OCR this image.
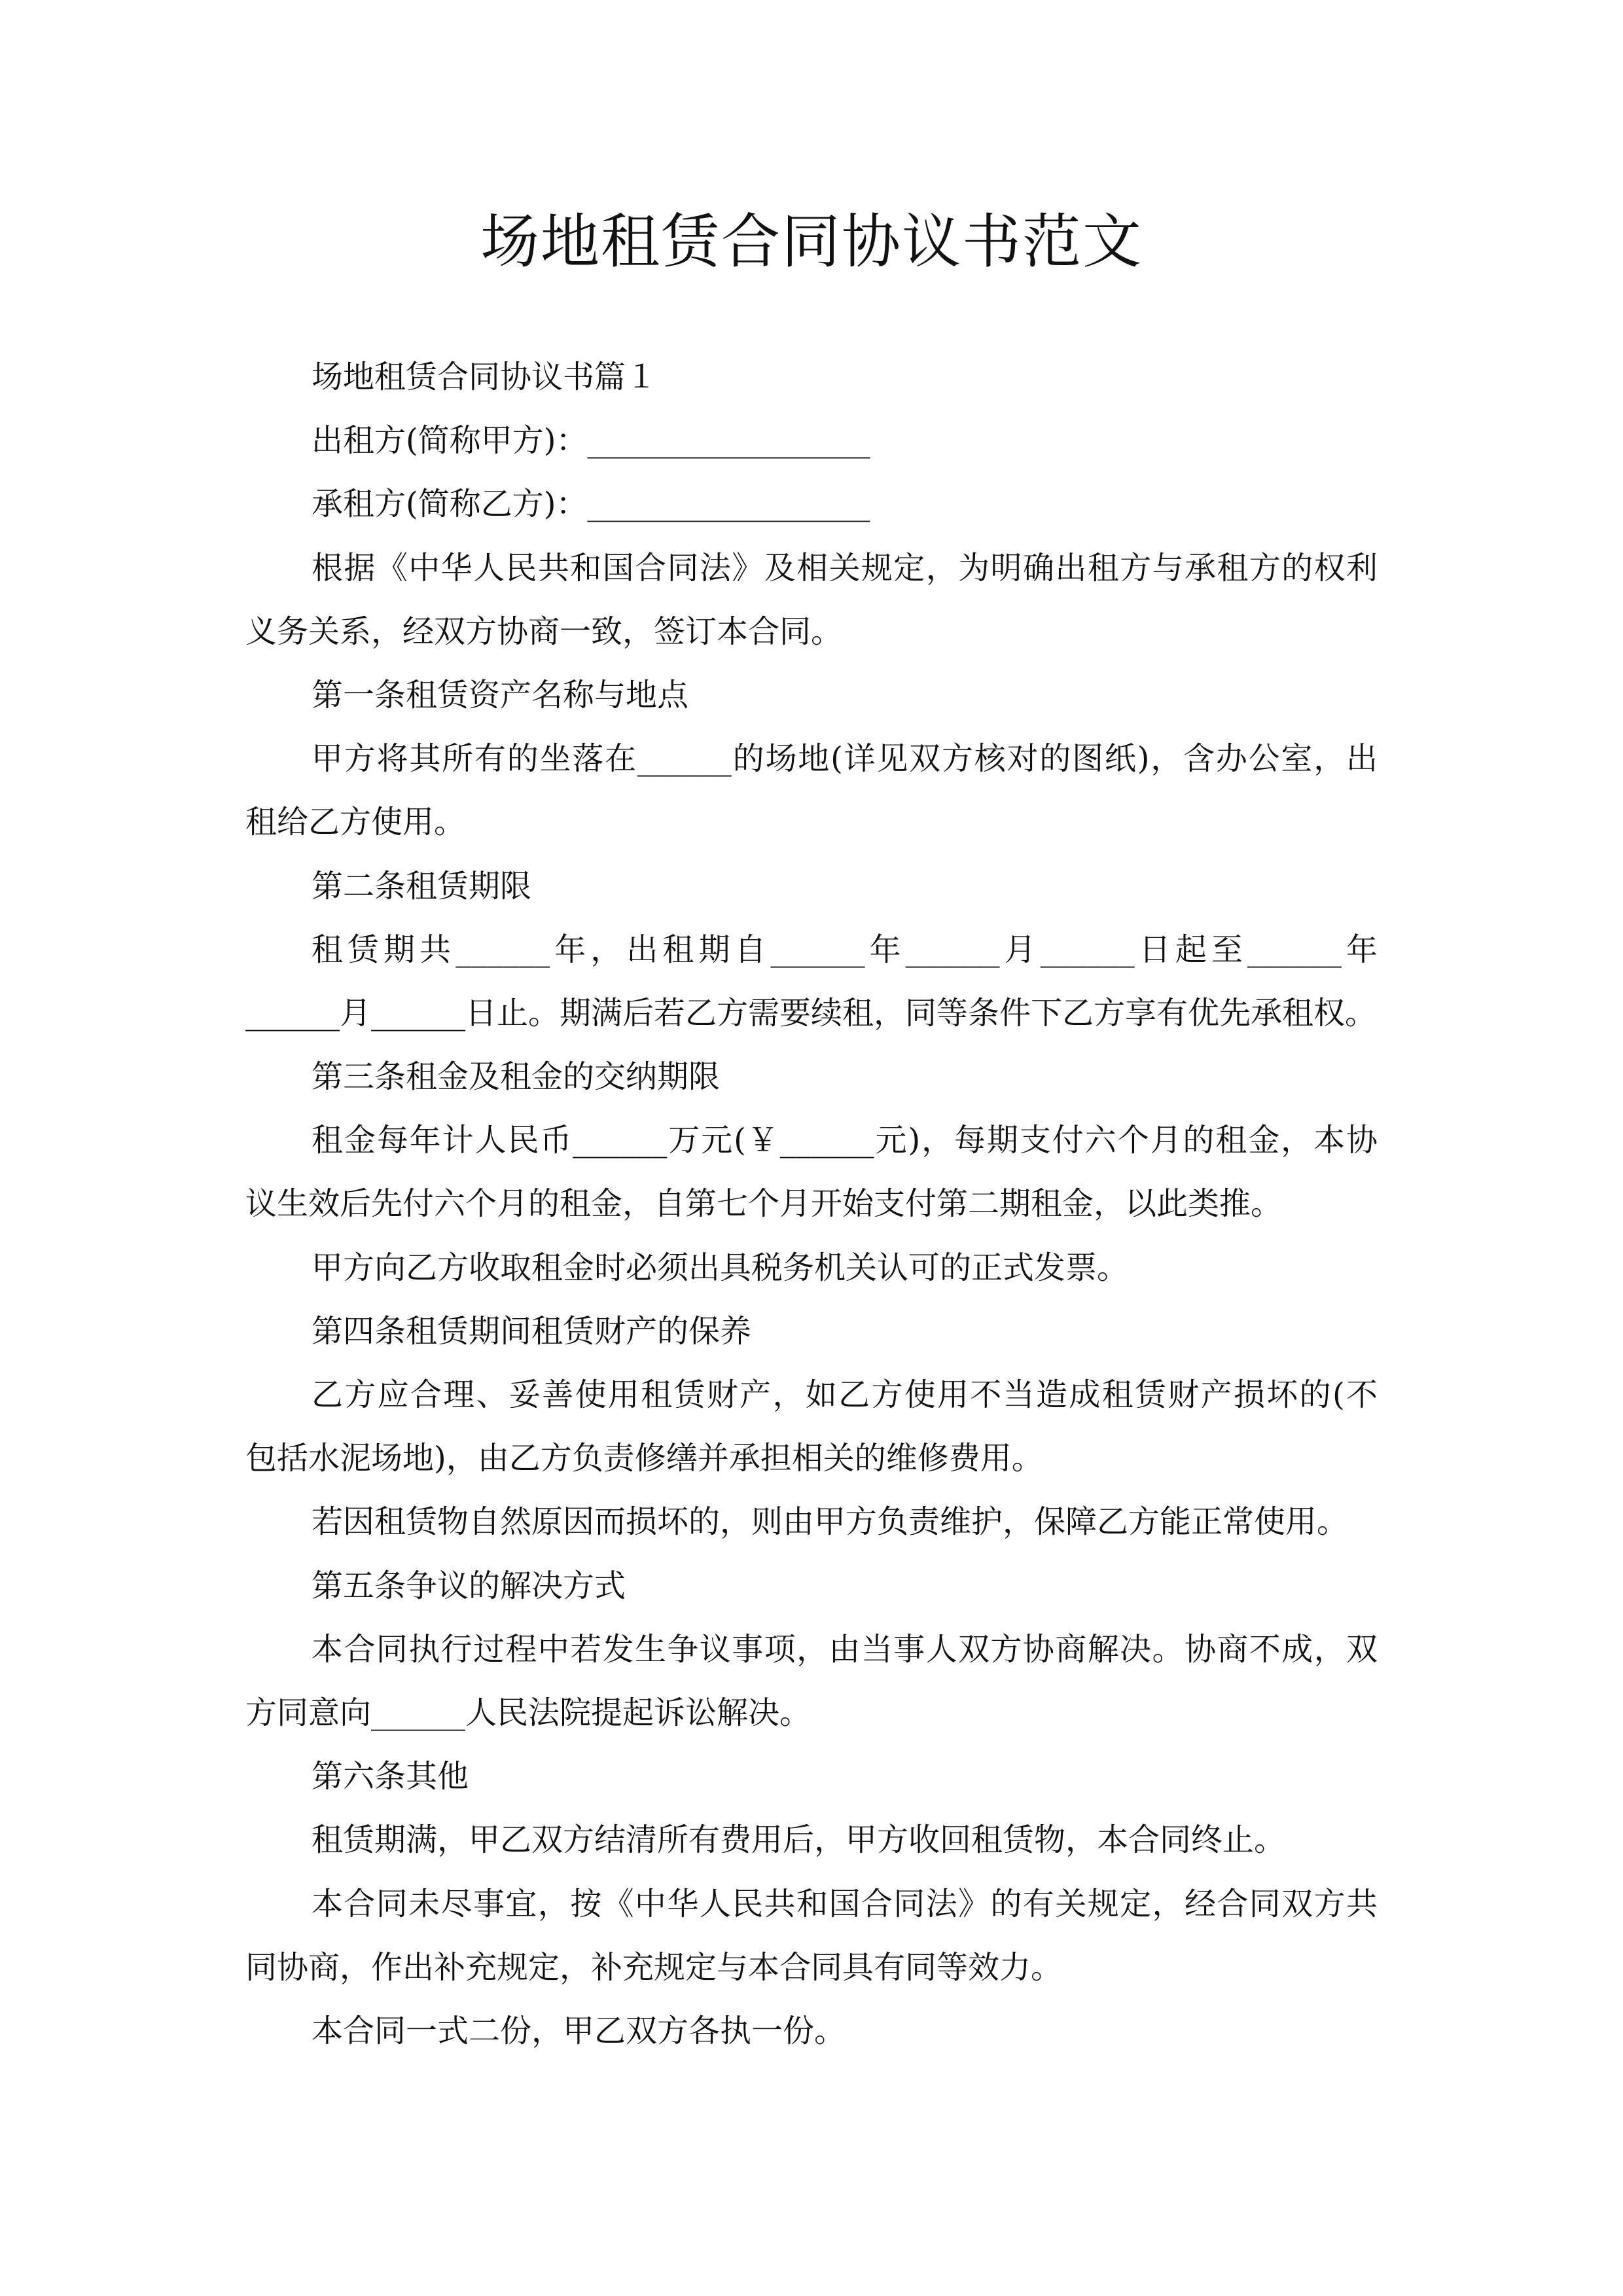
场地租赁合同协议书范文
场地租赁合同协议书篇１
出租方(简称甲方)：__________________
承租方(简称乙方)：__________________
根据《中华人民共和国合同法》及相关规定，为明确出租方与承租方的权利
义务关系，经双方协商一致，签订本合同。
第一条租赁资产名称与地点
甲方将其所有的坐落在______的场地(详见双方核对的图纸)，含办公室，出
租给乙方使用。
第二条租赁期限
租赁期共______年，出租期自______年______月______日起至______年
______月______日止。期满后若乙方需要续租，同等条件下乙方享有优先承租权。
第三条租金及租金的交纳期限
租金每年计人民币______万元(￥______元)，每期支付六个月的租金，本协
议生效后先付六个月的租金，自第七个月开始支付第二期租金，以此类推。
甲方向乙方收取租金时必须出具税务机关认可的正式发票。
第四条租赁期间租赁财产的保养
乙方应合理、妥善使用租赁财产，如乙方使用不当造成租赁财产损坏的(不
包括水泥场地)，由乙方负责修缮并承担相关的维修费用。
若因租赁物自然原因而损坏的，则由甲方负责维护，保障乙方能正常使用。
第五条争议的解决方式
本合同执行过程中若发生争议事项，由当事人双方协商解决。协商不成，双
方同意向______人民法院提起诉讼解决。
第六条其他
租赁期满，甲乙双方结清所有费用后，甲方收回租赁物，本合同终止。
本合同未尽事宜，按《中华人民共和国合同法》的有关规定，经合同双方共
同协商，作出补充规定，补充规定与本合同具有同等效力。
本合同一式二份，甲乙双方各执一份。
